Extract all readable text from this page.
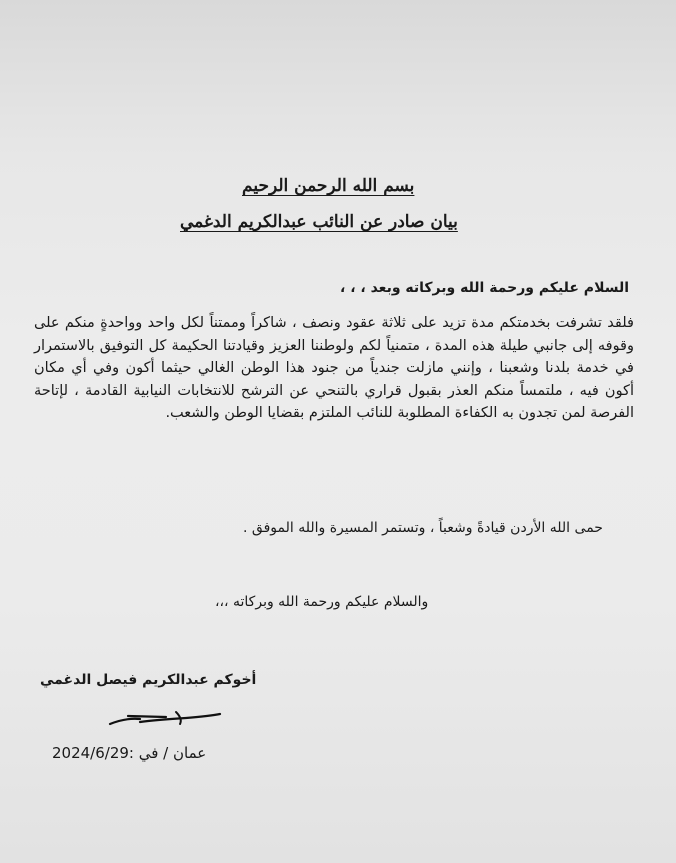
بسم الله الرحمن الرحيم
بيان صادر عن النائب عبدالكريم الدغمي
السلام عليكم ورحمة الله وبركاته وبعد ، ، ،
فلقد تشرفت بخدمتكم مدة تزيد على ثلاثة عقود ونصف ، شاكراً وممتناً لكل واحد وواحدةٍ منكم على وقوفه إلى جانبي طيلة هذه المدة ، متمنياً لكم ولوطننا العزيز وقيادتنا الحكيمة كل التوفيق بالاستمرار في خدمة بلدنا وشعبنا ، وإنني مازلت جندياً من جنود هذا الوطن الغالي حيثما أكون وفي أي مكان أكون فيه ، ملتمساً منكم العذر بقبول قراري بالتنحي عن الترشح للانتخابات النيابية القادمة ، لإتاحة الفرصة لمن تجدون به الكفاءة المطلوبة للنائب الملتزم بقضايا الوطن والشعب.
حمى الله الأردن قيادةً وشعباً ، وتستمر المسيرة والله الموفق .
والسلام عليكم ورحمة الله وبركاته ،،،
أخوكم عبدالكريم فيصل الدغمي
عمان / في :2024/6/29
